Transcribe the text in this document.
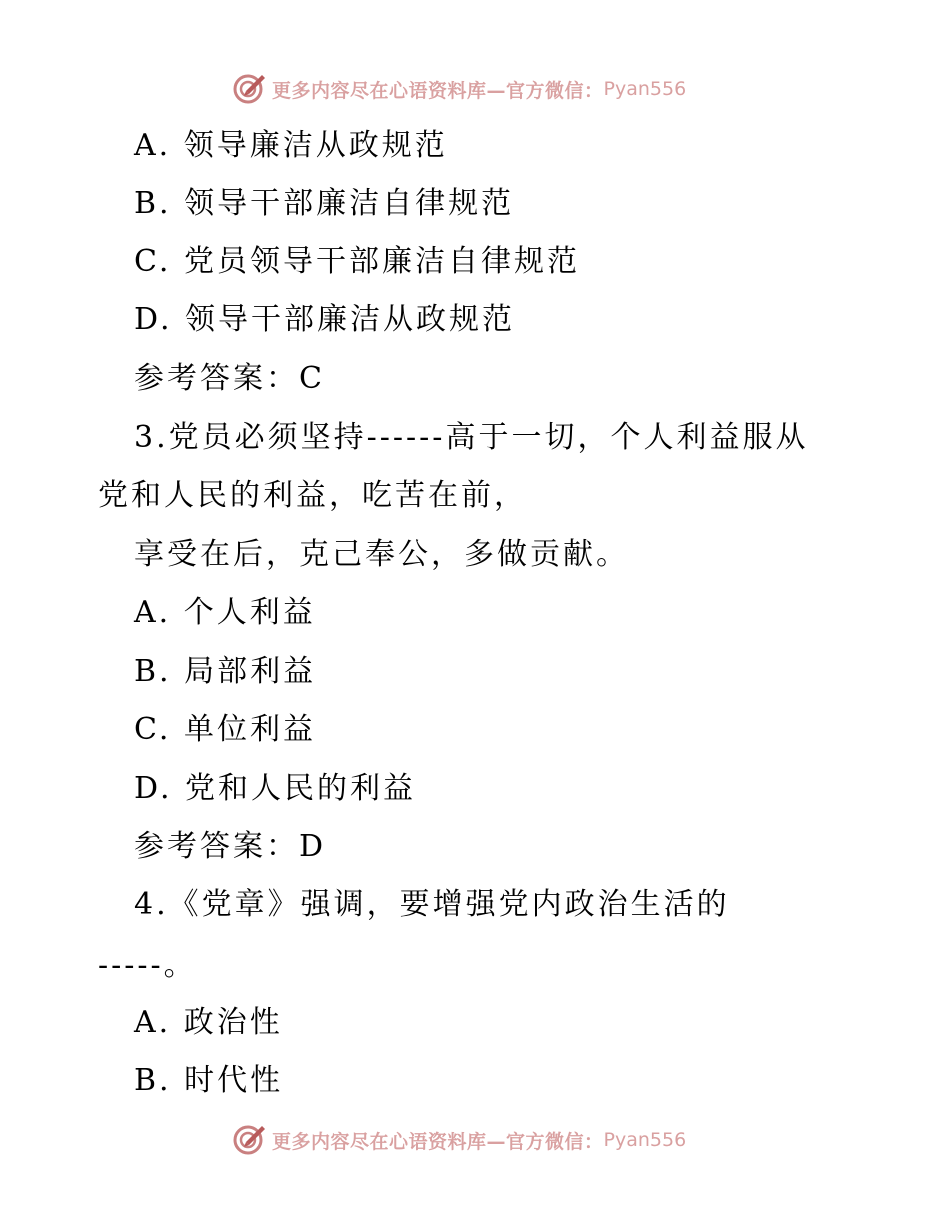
更多内容尽在心语资料库—官方微信： Pyan556
A. 领导廉洁从政规范
B. 领导干部廉洁自律规范
C. 党员领导干部廉洁自律规范
D. 领导干部廉洁从政规范
参考答案：C
3.党员必须坚持------高于一切，个人利益服从
党和人民的利益，吃苦在前，
享受在后，克己奉公，多做贡献。
A. 个人利益
B. 局部利益
C. 单位利益
D. 党和人民的利益
参考答案：D
4.《党章》强调，要增强党内政治生活的
-----。
A. 政治性
B. 时代性
更多内容尽在心语资料库—官方微信： Pyan556
